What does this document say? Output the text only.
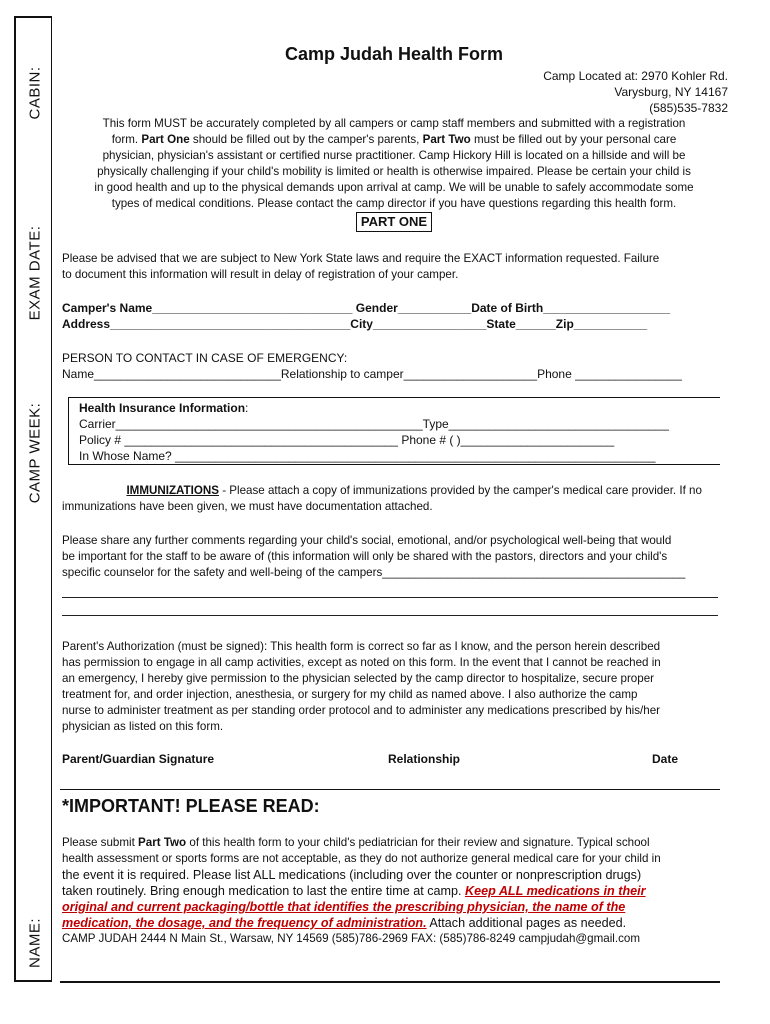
CABIN:
EXAM DATE:
CAMP WEEK:
NAME:
Camp Judah Health Form
Camp Located at: 2970 Kohler Rd.
Varysburg, NY 14167
(585)535-7832
This form MUST be accurately completed by all campers or camp staff members and submitted with a registration
form. Part One should be filled out by the camper's parents, Part Two must be filled out by your personal care
physician, physician's assistant or certified nurse practitioner. Camp Hickory Hill is located on a hillside and will be
physically challenging if your child's mobility is limited or health is otherwise impaired. Please be certain your child is
in good health and up to the physical demands upon arrival at camp. We will be unable to safely accommodate some
types of medical conditions. Please contact the camp director if you have questions regarding this health form.
PART ONE
Please be advised that we are subject to New York State laws and require the EXACT information requested. Failure
to document this information will result in delay of registration of your camper.
Camper's Name______________________________ Gender___________Date of Birth___________________
Address____________________________________City_________________State______Zip___________
PERSON TO CONTACT IN CASE OF EMERGENCY:
Name____________________________Relationship to camper____________________Phone ________________
Health Insurance Information:
Carrier______________________________________________Type_________________________________
Policy # _________________________________________ Phone # ( )_______________________
In Whose Name? ________________________________________________________________________
IMMUNIZATIONS - Please attach a copy of immunizations provided by the camper's medical care provider. If no
immunizations have been given, we must have documentation attached.
Please share any further comments regarding your child's social, emotional, and/or psychological well-being that would
be important for the staff to be aware of (this information will only be shared with the pastors, directors and your child's
specific counselor for the safety and well-being of the campers_______________________________________________
Parent's Authorization (must be signed): This health form is correct so far as I know, and the person herein described
has permission to engage in all camp activities, except as noted on this form. In the event that I cannot be reached in
an emergency, I hereby give permission to the physician selected by the camp director to hospitalize, secure proper
treatment for, and order injection, anesthesia, or surgery for my child as named above. I also authorize the camp
nurse to administer treatment as per standing order protocol and to administer any medications prescribed by his/her
physician as listed on this form.
Parent/Guardian Signature	Relationship	Date
*IMPORTANT! PLEASE READ:
Please submit Part Two of this health form to your child's pediatrician for their review and signature. Typical school
health assessment or sports forms are not acceptable, as they do not authorize general medical care for your child in
the event it is required. Please list ALL medications (including over the counter or nonprescription drugs)
taken routinely. Bring enough medication to last the entire time at camp. Keep ALL medications in their
original and current packaging/bottle that identifies the prescribing physician, the name of the
medication, the dosage, and the frequency of administration. Attach additional pages as needed.
CAMP JUDAH 2444 N Main St., Warsaw, NY 14569 (585)786-2969 FAX: (585)786-8249 campjudah@gmail.com
